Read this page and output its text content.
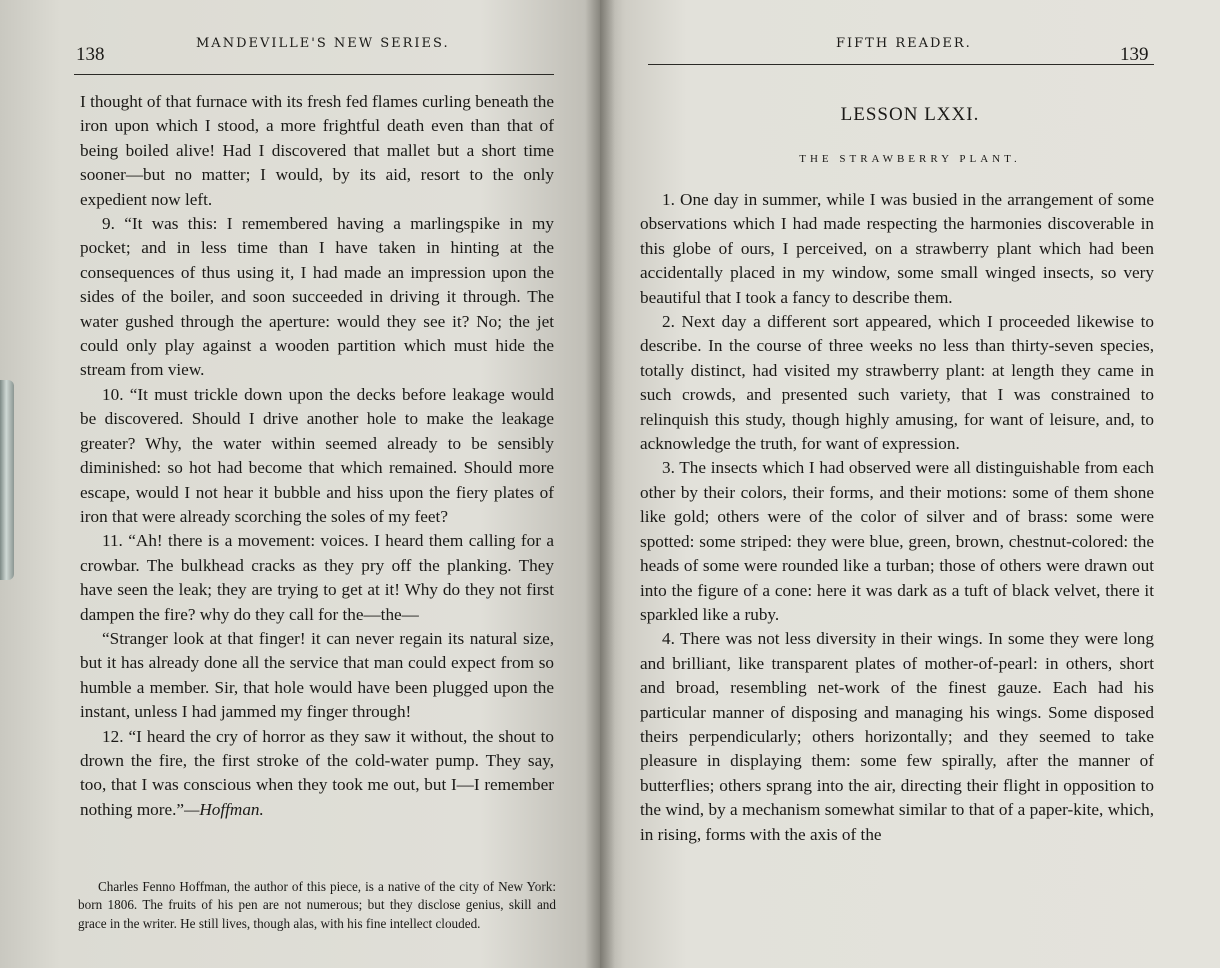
138
MANDEVILLE'S NEW SERIES.

I thought of that furnace with its fresh fed flames curling beneath the iron upon which I stood, a more frightful death even than that of being boiled alive! Had I discovered that mallet but a short time sooner—but no matter; I would, by its aid, resort to the only expedient now left.

9. “It was this: I remembered having a marlingspike in my pocket; and in less time than I have taken in hinting at the consequences of thus using it, I had made an impression upon the sides of the boiler, and soon succeeded in driving it through. The water gushed through the aperture: would they see it? No; the jet could only play against a wooden partition which must hide the stream from view.

10. “It must trickle down upon the decks before leakage would be discovered. Should I drive another hole to make the leakage greater? Why, the water within seemed already to be sensibly diminished: so hot had become that which remained. Should more escape, would I not hear it bubble and hiss upon the fiery plates of iron that were already scorching the soles of my feet?

11. “Ah! there is a movement: voices. I heard them calling for a crowbar. The bulkhead cracks as they pry off the planking. They have seen the leak; they are trying to get at it! Why do they not first dampen the fire? why do they call for the—the—

“Stranger look at that finger! it can never regain its natural size, but it has already done all the service that man could expect from so humble a member. Sir, that hole would have been plugged upon the instant, unless I had jammed my finger through!

12. “I heard the cry of horror as they saw it without, the shout to drown the fire, the first stroke of the cold-water pump. They say, too, that I was conscious when they took me out, but I—I remember nothing more.”—Hoffman.

Charles Fenno Hoffman, the author of this piece, is a native of the city of New York: born 1806. The fruits of his pen are not numerous; but they disclose genius, skill and grace in the writer. He still lives, though alas, with his fine intellect clouded.
FIFTH READER.
139
LESSON LXXI.
THE STRAWBERRY PLANT.

1. One day in summer, while I was busied in the arrangement of some observations which I had made respecting the harmonies discoverable in this globe of ours, I perceived, on a strawberry plant which had been accidentally placed in my window, some small winged insects, so very beautiful that I took a fancy to describe them.

2. Next day a different sort appeared, which I proceeded likewise to describe. In the course of three weeks no less than thirty-seven species, totally distinct, had visited my strawberry plant: at length they came in such crowds, and presented such variety, that I was constrained to relinquish this study, though highly amusing, for want of leisure, and, to acknowledge the truth, for want of expression.

3. The insects which I had observed were all distinguishable from each other by their colors, their forms, and their motions: some of them shone like gold; others were of the color of silver and of brass: some were spotted: some striped: they were blue, green, brown, chestnut-colored: the heads of some were rounded like a turban; those of others were drawn out into the figure of a cone: here it was dark as a tuft of black velvet, there it sparkled like a ruby.

4. There was not less diversity in their wings. In some they were long and brilliant, like transparent plates of mother-of-pearl: in others, short and broad, resembling net-work of the finest gauze. Each had his particular manner of disposing and managing his wings. Some disposed theirs perpendicularly; others horizontally; and they seemed to take pleasure in displaying them: some few spirally, after the manner of butterflies; others sprang into the air, directing their flight in opposition to the wind, by a mechanism somewhat similar to that of a paper-kite, which, in rising, forms with the axis of the
